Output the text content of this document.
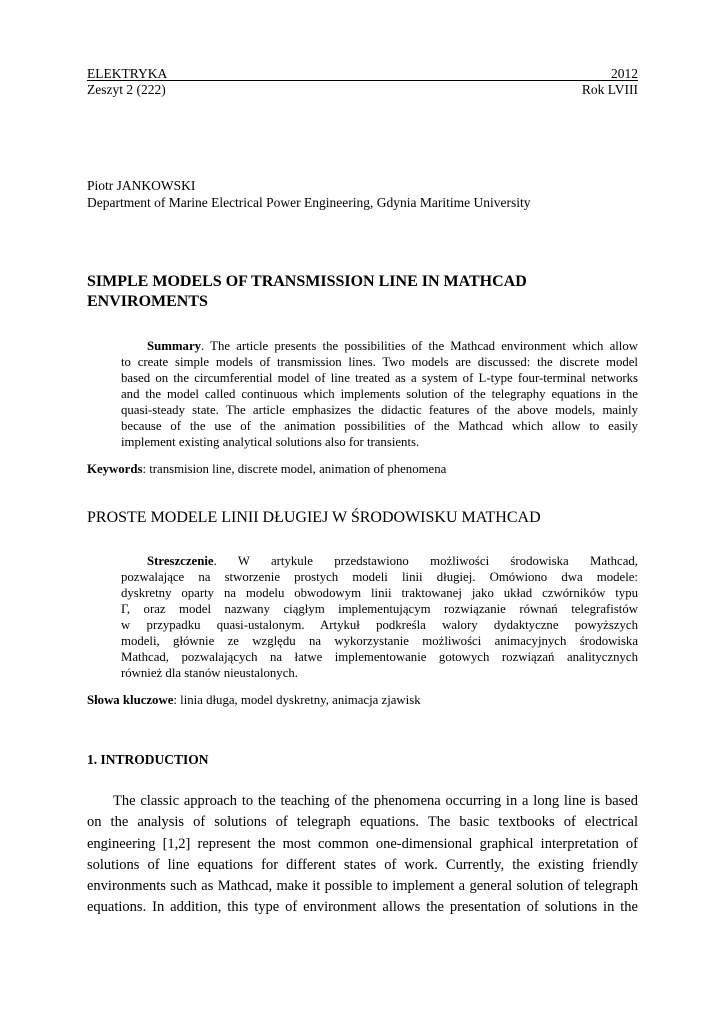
ELEKTRYKA	2012
Zeszyt 2 (222)	Rok LVIII
Piotr JANKOWSKI
Department of Marine Electrical Power Engineering, Gdynia Maritime University
SIMPLE MODELS OF TRANSMISSION LINE IN MATHCAD
ENVIROMENTS
Summary. The article presents the possibilities of the Mathcad environment which allow
to create simple models of transmission lines. Two models are discussed: the discrete model
based on the circumferential model of line treated as a system of L-type four-terminal networks
and the model called continuous which implements solution of the telegraphy equations in the
quasi-steady state. The article emphasizes the didactic features of the above models, mainly
because of the use of the animation possibilities of the Mathcad which allow to easily
implement existing analytical solutions also for transients.
Keywords: transmision line, discrete model, animation of phenomena
PROSTE MODELE LINII DŁUGIEJ W ŚRODOWISKU MATHCAD
Streszczenie. W artykule przedstawiono możliwości środowiska Mathcad,
pozwalające na stworzenie prostych modeli linii długiej. Omówiono dwa modele:
dyskretny oparty na modelu obwodowym linii traktowanej jako układ czwórników typu
Γ, oraz model nazwany ciągłym implementującym rozwiązanie równań telegrafistów
w przypadku quasi-ustalonym. Artykuł podkreśla walory dydaktyczne powyższych
modeli, głównie ze względu na wykorzystanie możliwości animacyjnych środowiska
Mathcad, pozwalających na łatwe implementowanie gotowych rozwiązań analitycznych
również dla stanów nieustalonych.
Słowa kluczowe: linia długa, model dyskretny, animacja zjawisk
1. INTRODUCTION
The classic approach to the teaching of the phenomena occurring in a long line is based
on the analysis of solutions of telegraph equations. The basic textbooks of electrical
engineering [1,2] represent the most common one-dimensional graphical interpretation of
solutions of line equations for different states of work. Currently, the existing friendly
environments such as Mathcad, make it possible to implement a general solution of telegraph
equations. In addition, this type of environment allows the presentation of solutions in the
